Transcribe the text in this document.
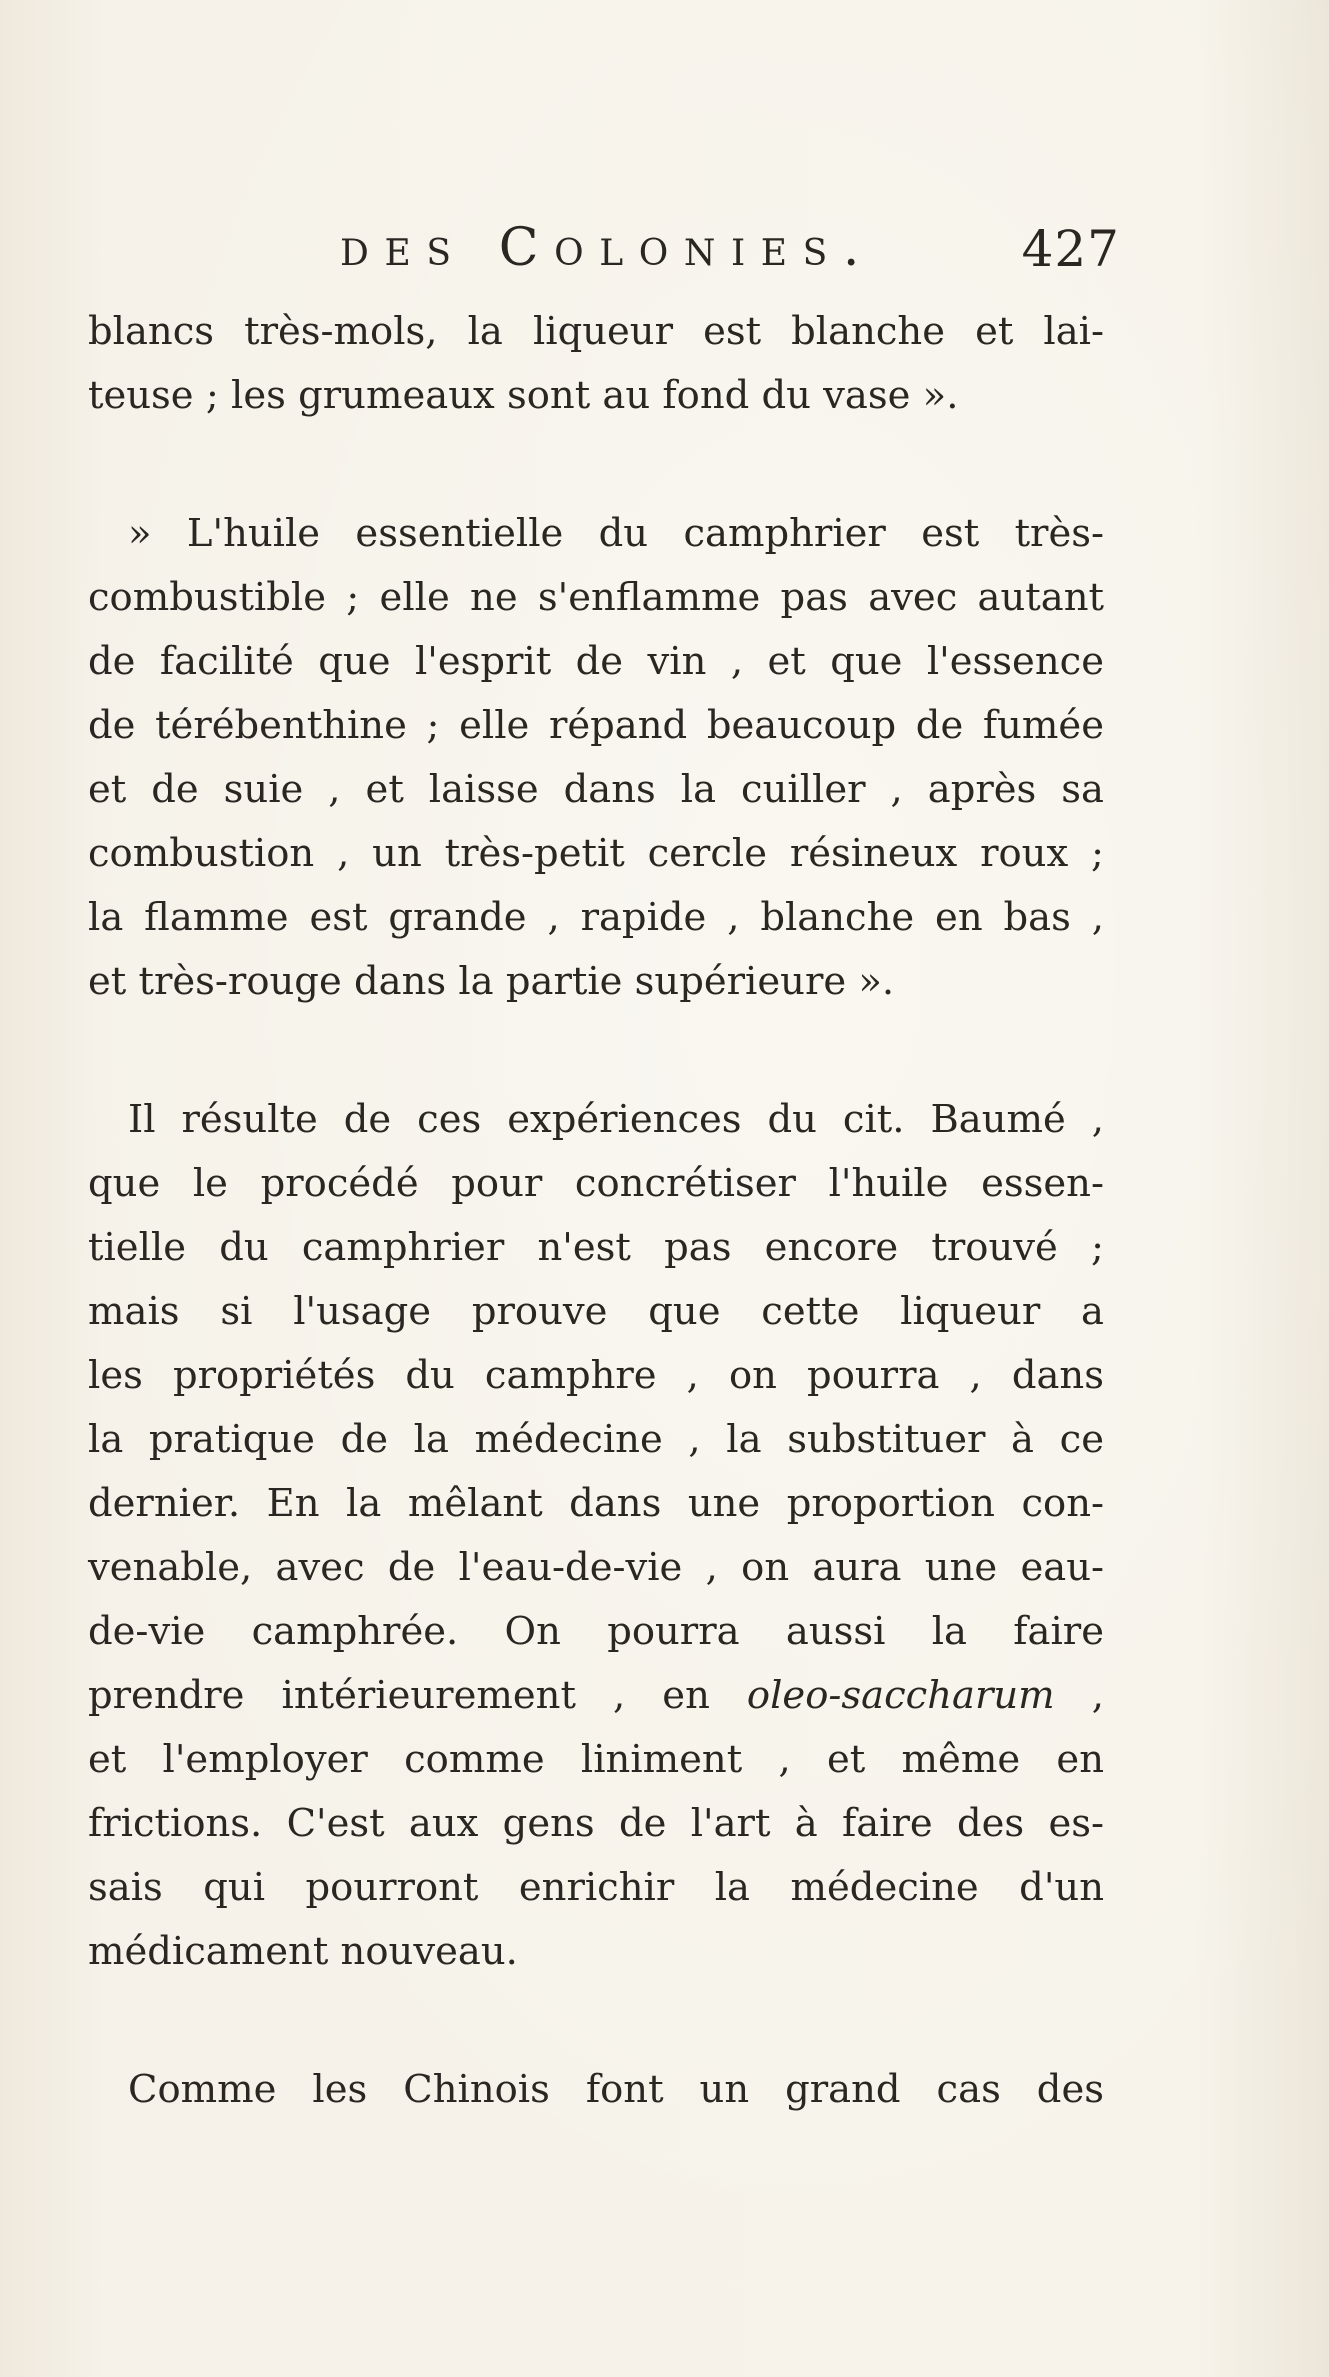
des Colonies.	427
blancs très-mols, la liqueur est blanche et lai-
teuse ; les grumeaux sont au fond du vase ».
» L'huile essentielle du camphrier est très-
combustible ; elle ne s'enflamme pas avec autant
de facilité que l'esprit de vin , et que l'essence
de térébenthine ; elle répand beaucoup de fumée
et de suie , et laisse dans la cuiller , après sa
combustion , un très-petit cercle résineux roux ;
la flamme est grande , rapide , blanche en bas ,
et très-rouge dans la partie supérieure ».
Il résulte de ces expériences du cit. Baumé ,
que le procédé pour concrétiser l'huile essen-
tielle du camphrier n'est pas encore trouvé ;
mais si l'usage prouve que cette liqueur a
les propriétés du camphre , on pourra , dans
la pratique de la médecine , la substituer à ce
dernier. En la mêlant dans une proportion con-
venable, avec de l'eau-de-vie , on aura une eau-
de-vie camphrée. On pourra aussi la faire
prendre intérieurement , en oleo-saccharum ,
et l'employer comme liniment , et même en
frictions. C'est aux gens de l'art à faire des es-
sais qui pourront enrichir la médecine d'un
médicament nouveau.
Comme les Chinois font un grand cas des
